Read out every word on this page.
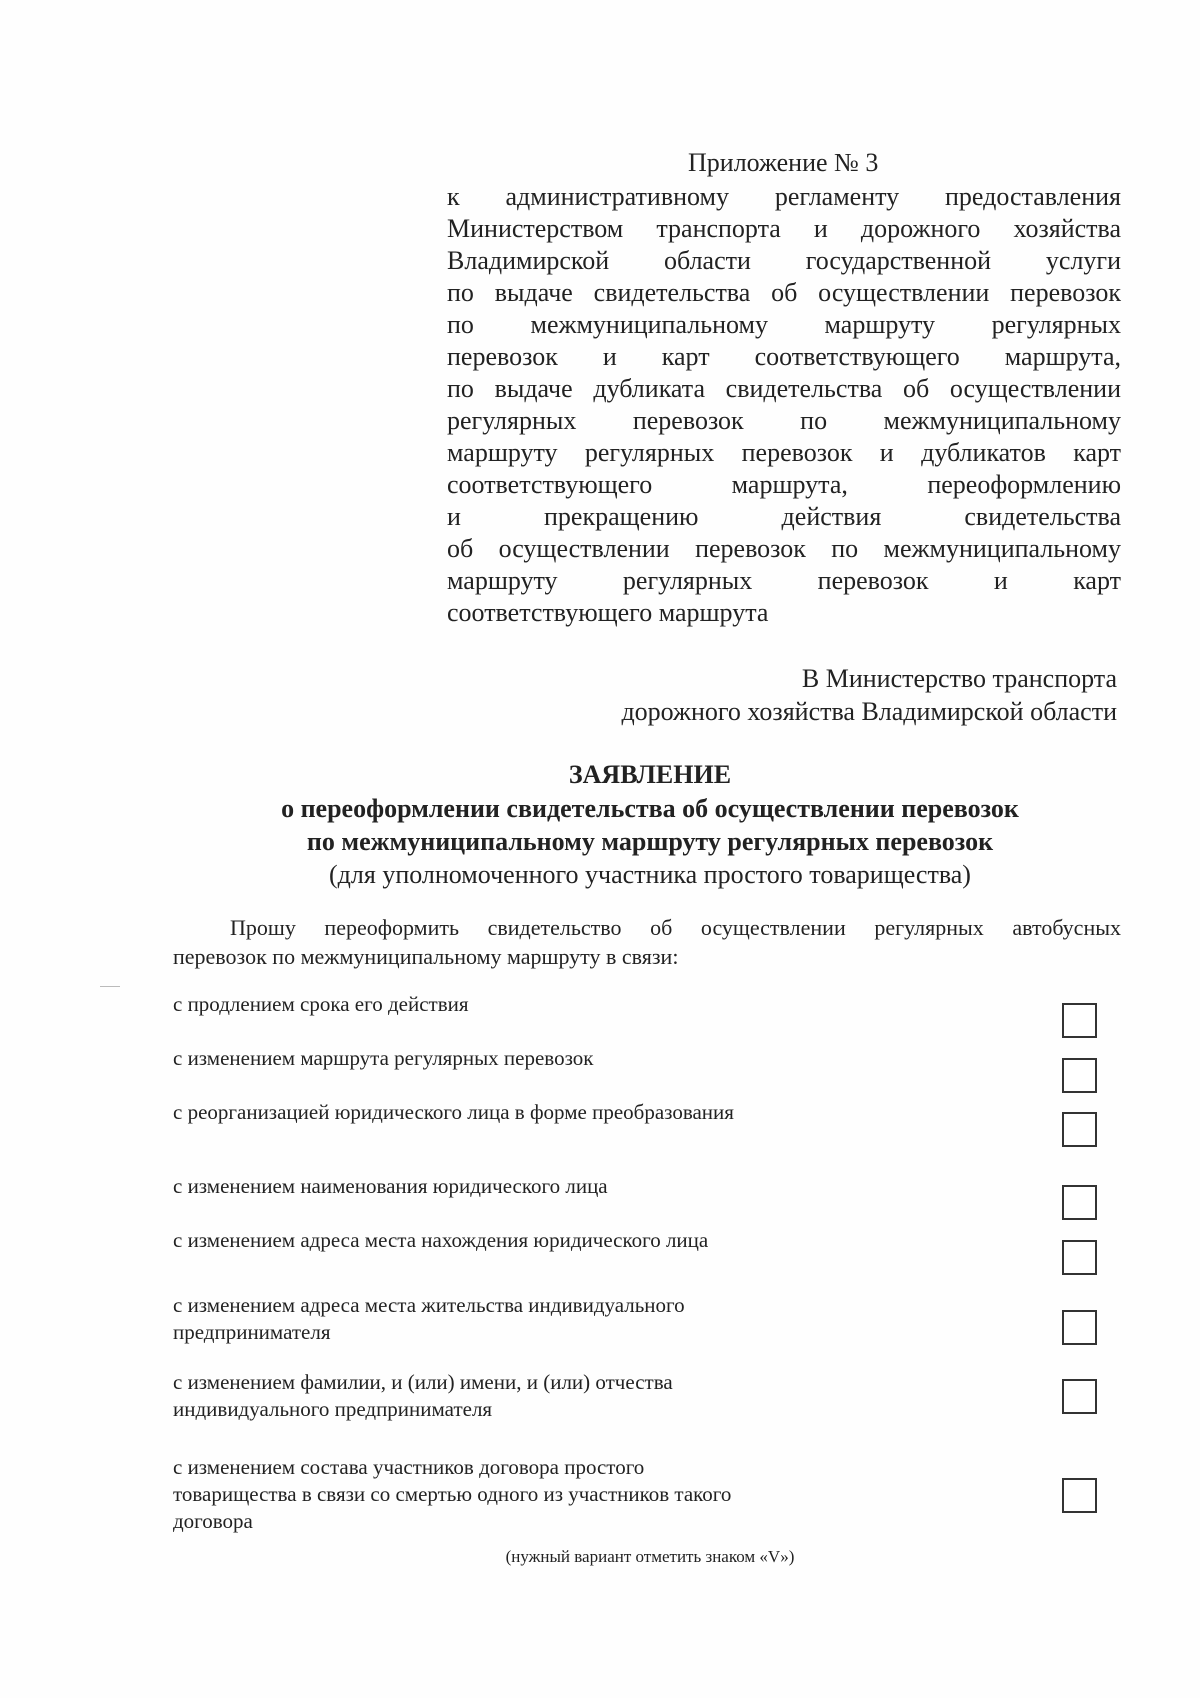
Приложение № 3
к административному регламенту предоставления
Министерством транспорта и дорожного хозяйства
Владимирской области государственной услуги
по выдаче свидетельства об осуществлении перевозок
по межмуниципальному маршруту регулярных
перевозок и карт соответствующего маршрута,
по выдаче дубликата свидетельства об осуществлении
регулярных перевозок по межмуниципальному
маршруту регулярных перевозок и дубликатов карт
соответствующего маршрута, переоформлению
и прекращению действия свидетельства
об осуществлении перевозок по межмуниципальному
маршруту регулярных перевозок и карт
соответствующего маршрута
В Министерство транспорта
дорожного хозяйства Владимирской области
ЗАЯВЛЕНИЕ
о переоформлении свидетельства об осуществлении перевозок
по межмуниципальному маршруту регулярных перевозок
(для уполномоченного участника простого товарищества)
Прошу переоформить свидетельство об осуществлении регулярных автобусных
перевозок по межмуниципальному маршруту в связи:
с продлением срока его действия
с изменением маршрута регулярных перевозок
с реорганизацией юридического лица в форме преобразования
с изменением наименования юридического лица
с изменением адреса места нахождения юридического лица
с изменением адреса места жительства индивидуального предпринимателя
с изменением фамилии, и (или) имени, и (или) отчества индивидуального предпринимателя
с изменением состава участников договора простого товарищества в связи со смертью одного из участников такого договора
(нужный вариант отметить знаком «V»)
